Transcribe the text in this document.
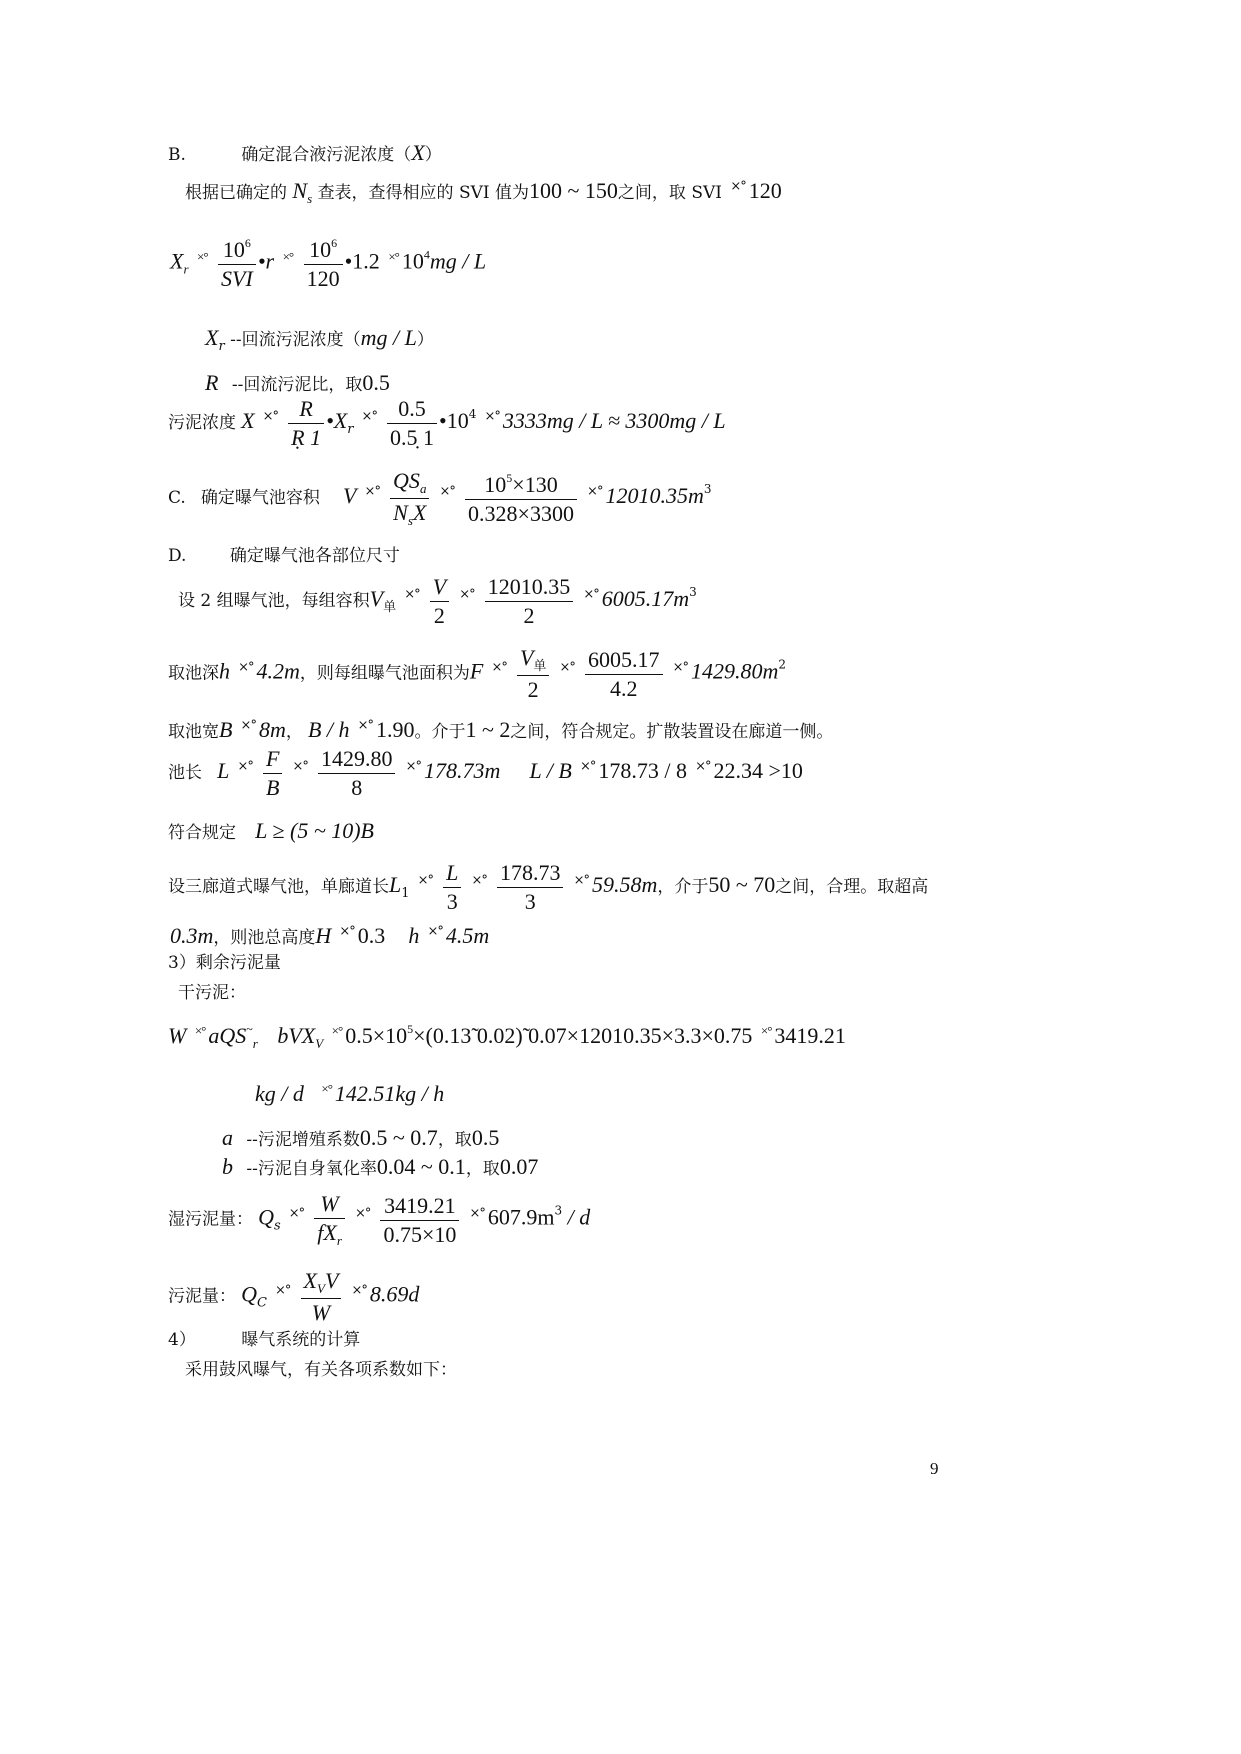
B.	确定混合液污泥浓度（X）
根据已确定的 $N_s$ 查表，查得相应的 SVI 值为100 ~ 150之间，取 SVI ×° 120
$X_r$ $^{\times^\circ} \frac{10^6}{\text{SVI}}$ •r $^{\times^\circ} \frac{10^6}{120}$ •1.2 ×° $10^4mg$ / L
$X_r$ --回流污泥浓度（mg / L）
R --回流污泥比，取0.5
污泥浓度 X $^{\times^\circ} \frac{R}{Ṛ 1}$ $•X_r$ $^{\times^\circ} \frac{0.5}{0.5̣ 1}$ $•10^4$ ×° 3333mg / L ≈ 3300mg / L
C. 确定曝气池容积 V $^{\times^\circ} \frac{QS_a}{N_sX} ^{\times^\circ} \frac{10^5\times 130}{0.328\times 3300} ^{\times^\circ}$ $12010.35m^3$
D.	确定曝气池各部位尺寸
设 2 组曝气池，每组容积$V_单$ $^{\times^\circ} \frac{V}{2} ^{\times^\circ} \frac{12010.35}{2} ^{\times^\circ}$ $6005.17m^3$
取池深h ×° 4.2m，则每组曝气池面积为F $^{\times^\circ} \frac{V_单}{2} ^{\times^\circ} \frac{6005.17}{4.2} ^{\times^\circ}$ $1429.80m^2$
取池宽B ×° 8m， B / h ×° 1.90。介于1 ~ 2之间，符合规定。扩散装置设在廊道一侧。
池长 L $^{\times^\circ} \frac{F}{B} ^{\times^\circ} \frac{1429.80}{8} ^{\times^\circ}$ 178.73m L / B ×° 178.73 / 8 ×° 22.34 >10
符合规定 L ≥ (5 ~ 10)B
设三廊道式曝气池，单廊道长$L_1$ $^{\times^\circ} \frac{L}{3} ^{\times^\circ} \frac{178.73}{3} ^{\times^\circ}$ 59.58m，介于50 ~ 70之间，合理。取超高
0.3m，则池总高度H ×° 0.3 h ×° 4.5m
3）剩余污泥量
干污泥：
W ×° aQS~$_r$ bVX$_V$ ×° $0.5\times 10^5\times(0.13̃$ 0.02)̃ 0.07×12010.35×3.3×0.75 ×° 3419.21
kg / d ×° 142.51kg / h
a --污泥增殖系数0.5 ~ 0.7，取0.5
b --污泥自身氧化率0.04 ~ 0.1，取0.07
湿污泥量： $Q_s$ $^{\times^\circ} \frac{W}{fX_r} ^{\times^\circ} \frac{3419.21}{0.75\times 10} ^{\times^\circ}$ $607.9m^3$ / d
污泥量： $Q_C$ $^{\times^\circ} \frac{X_VV}{W} ^{\times^\circ}$ 8.69d
4）	曝气系统的计算
采用鼓风曝气，有关各项系数如下：
9
